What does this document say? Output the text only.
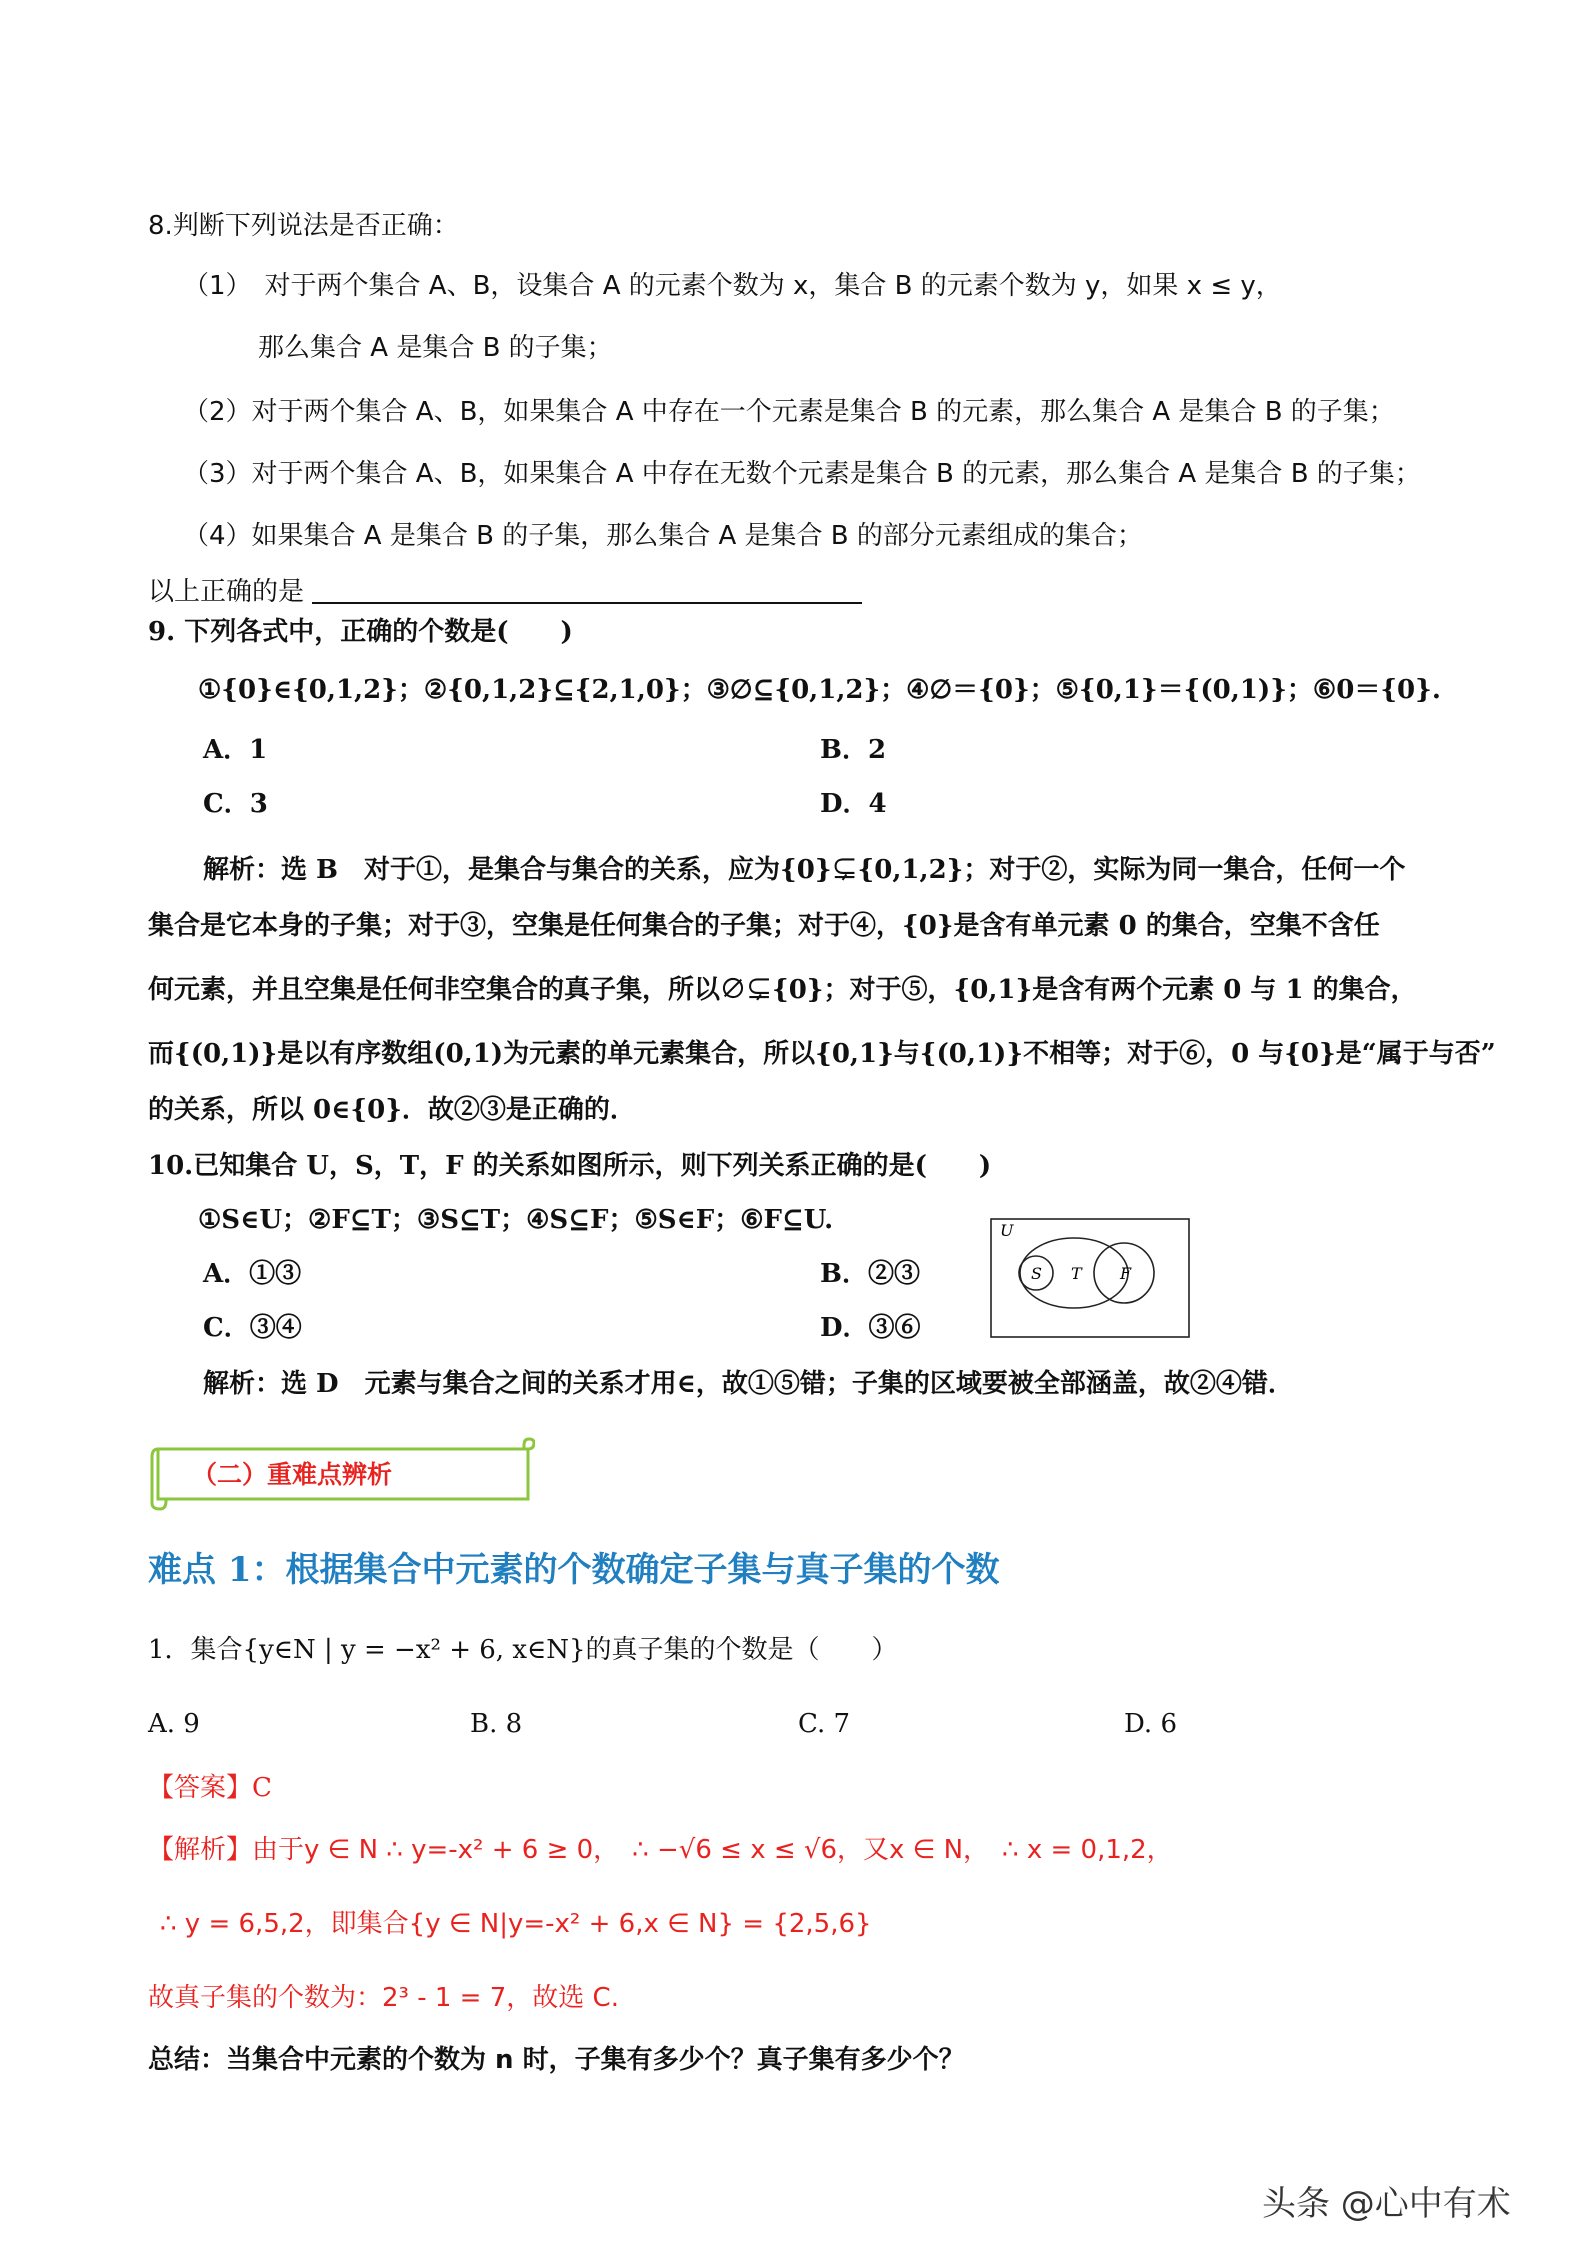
8.判断下列说法是否正确：
（1）　对于两个集合 A、B，设集合 A 的元素个数为 x，集合 B 的元素个数为 y，如果 x ≤ y，
那么集合 A 是集合 B 的子集；
（2）对于两个集合 A、B，如果集合 A 中存在一个元素是集合 B 的元素，那么集合 A 是集合 B 的子集；
（3）对于两个集合 A、B，如果集合 A 中存在无数个元素是集合 B 的元素，那么集合 A 是集合 B 的子集；
（4）如果集合 A 是集合 B 的子集，那么集合 A 是集合 B 的部分元素组成的集合；
以上正确的是
9. 下列各式中，正确的个数是(　　)
①{0}∈{0,1,2}；②{0,1,2}⊆{2,1,0}；③∅⊆{0,1,2}；④∅＝{0}；⑤{0,1}＝{(0,1)}；⑥0＝{0}.
A．1	B．2
C．3	D．4
解析：选 B　对于①，是集合与集合的关系，应为{0}⊊{0,1,2}；对于②，实际为同一集合，任何一个
集合是它本身的子集；对于③，空集是任何集合的子集；对于④，{0}是含有单元素 0 的集合，空集不含任
何元素，并且空集是任何非空集合的真子集，所以∅⊊{0}；对于⑤，{0,1}是含有两个元素 0 与 1 的集合，
而{(0,1)}是以有序数组(0,1)为元素的单元素集合，所以{0,1}与{(0,1)}不相等；对于⑥，0 与{0}是“属于与否”
的关系，所以 0∈{0}．故②③是正确的．
10.已知集合 U，S，T，F 的关系如图所示，则下列关系正确的是(　　)
①S∈U；②F⊆T；③S⊆T；④S⊆F；⑤S∈F；⑥F⊆U.
A．①③	B．②③
C．③④	D．③⑥
解析：选 D　元素与集合之间的关系才用∈，故①⑤错；子集的区域要被全部涵盖，故②④错．
U
S T F
（二）重难点辨析
难点 1：根据集合中元素的个数确定子集与真子集的个数
1．集合{y∈N | y = −x² + 6, x∈N}的真子集的个数是（　　）
A. 9	B. 8	C. 7	D. 6
【答案】C
【解析】由于y ∈ N ∴ y=-x² + 6 ≥ 0，　∴ −√6 ≤ x ≤ √6，又x ∈ N，　∴ x = 0,1,2，
∴ y = 6,5,2，即集合{y ∈ N|y=-x² + 6,x ∈ N} = {2,5,6}
故真子集的个数为：2³ - 1 = 7，故选 C.
总结：当集合中元素的个数为 n 时，子集有多少个？真子集有多少个？
头条 @心中有术
